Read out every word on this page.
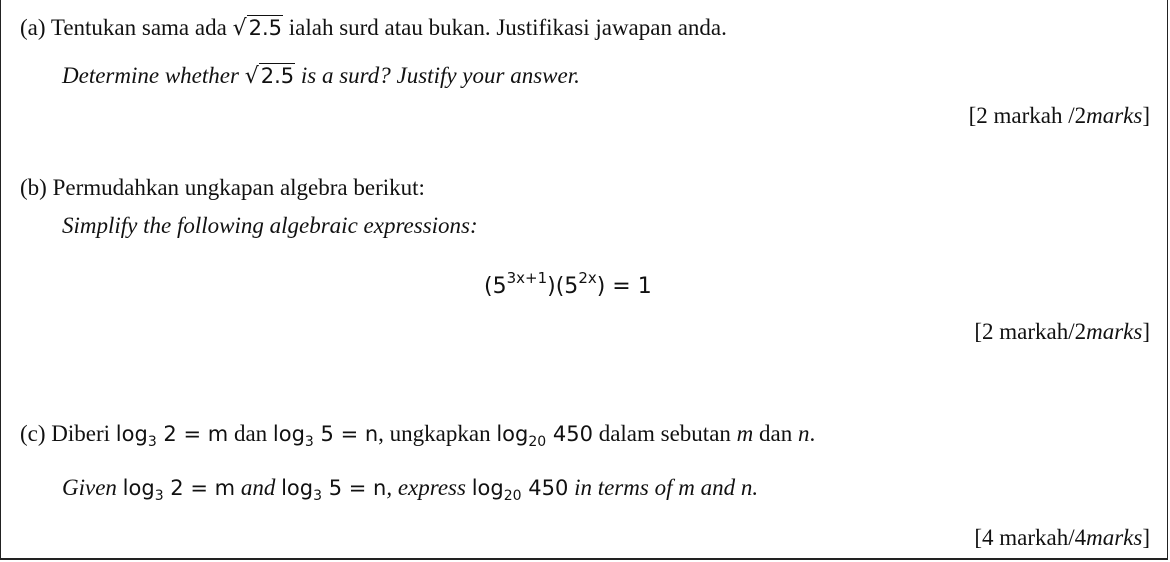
(a) Tentukan sama ada √2.5 ialah surd atau bukan. Justifikasi jawapan anda.
Determine whether √2.5 is a surd? Justify your answer.
[2 markah /2marks]
(b) Permudahkan ungkapan algebra berikut:
Simplify the following algebraic expressions:
$(5^{3x+1})(5^{2x}) = 1$
[2 markah/2marks]
(c) Diberi $\log_3 2 = m$ dan $\log_3 5 = n$, ungkapkan $\log_{20} 450$ dalam sebutan m dan n.
Given $\log_3 2 = m$ and $\log_3 5 = n$, express $\log_{20} 450$ in terms of m and n.
[4 markah/4marks]
